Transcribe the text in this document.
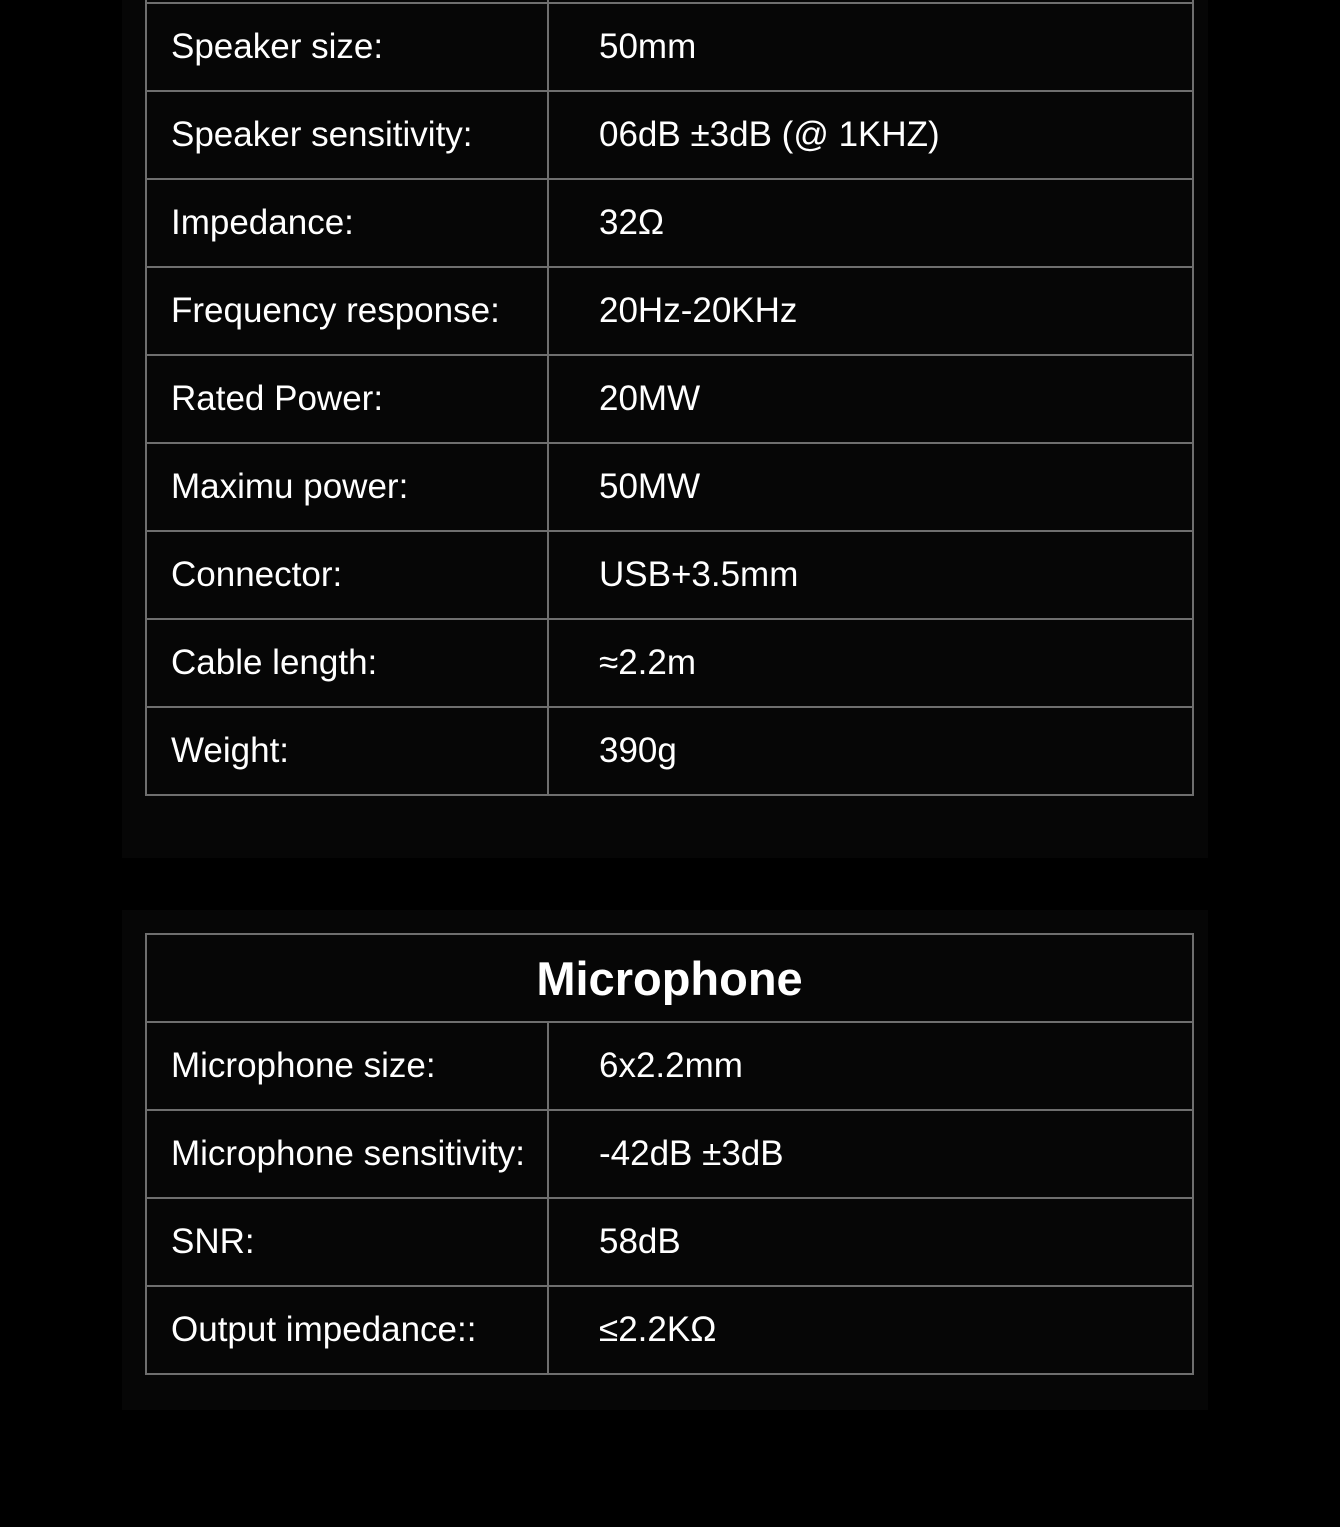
Speaker size:	50mm
Speaker sensitivity:	06dB ±3dB (@ 1KHZ)
Impedance:	32Ω
Frequency response:	20Hz-20KHz
Rated Power:	20MW
Maximu power:	50MW
Connector:	USB+3.5mm
Cable length:	≈2.2m
Weight:	390g
Microphone	
Microphone size:	6x2.2mm
Microphone sensitivity:	-42dB ±3dB
SNR:	58dB
Output impedance::	≤2.2KΩ
